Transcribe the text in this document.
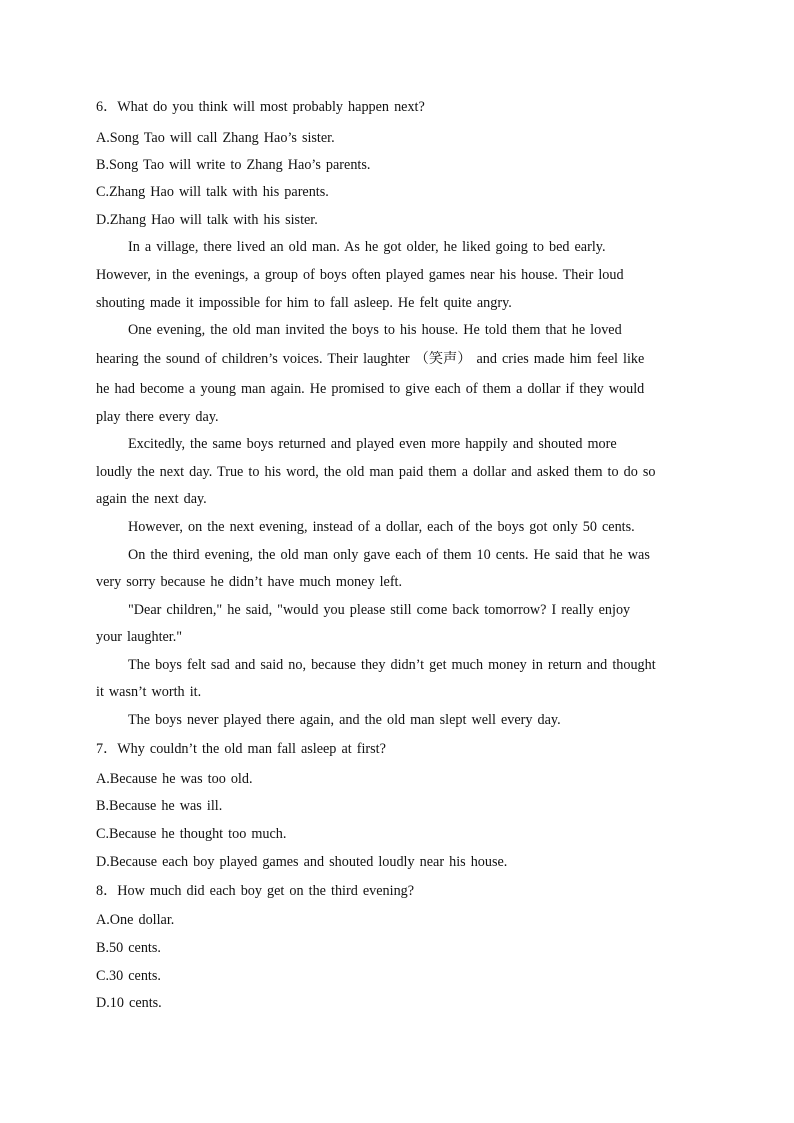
6．What do you think will most probably happen next?
A.Song Tao will call Zhang Hao’s sister.
B.Song Tao will write to Zhang Hao’s parents.
C.Zhang Hao will talk with his parents.
D.Zhang Hao will talk with his sister.
In a village, there lived an old man. As he got older, he liked going to bed early.
However, in the evenings, a group of boys often played games near his house. Their loud
shouting made it impossible for him to fall asleep. He felt quite angry.
One evening, the old man invited the boys to his house. He told them that he loved
hearing the sound of children’s voices. Their laughter （笑声） and cries made him feel like
he had become a young man again. He promised to give each of them a dollar if they would
play there every day.
Excitedly, the same boys returned and played even more happily and shouted more
loudly the next day. True to his word, the old man paid them a dollar and asked them to do so
again the next day.
However, on the next evening, instead of a dollar, each of the boys got only 50 cents.
On the third evening, the old man only gave each of them 10 cents. He said that he was
very sorry because he didn’t have much money left.
"Dear children," he said, "would you please still come back tomorrow? I really enjoy
your laughter."
The boys felt sad and said no, because they didn’t get much money in return and thought
it wasn’t worth it.
The boys never played there again, and the old man slept well every day.
7．Why couldn’t the old man fall asleep at first?
A.Because he was too old.
B.Because he was ill.
C.Because he thought too much.
D.Because each boy played games and shouted loudly near his house.
8．How much did each boy get on the third evening?
A.One dollar.
B.50 cents.
C.30 cents.
D.10 cents.
